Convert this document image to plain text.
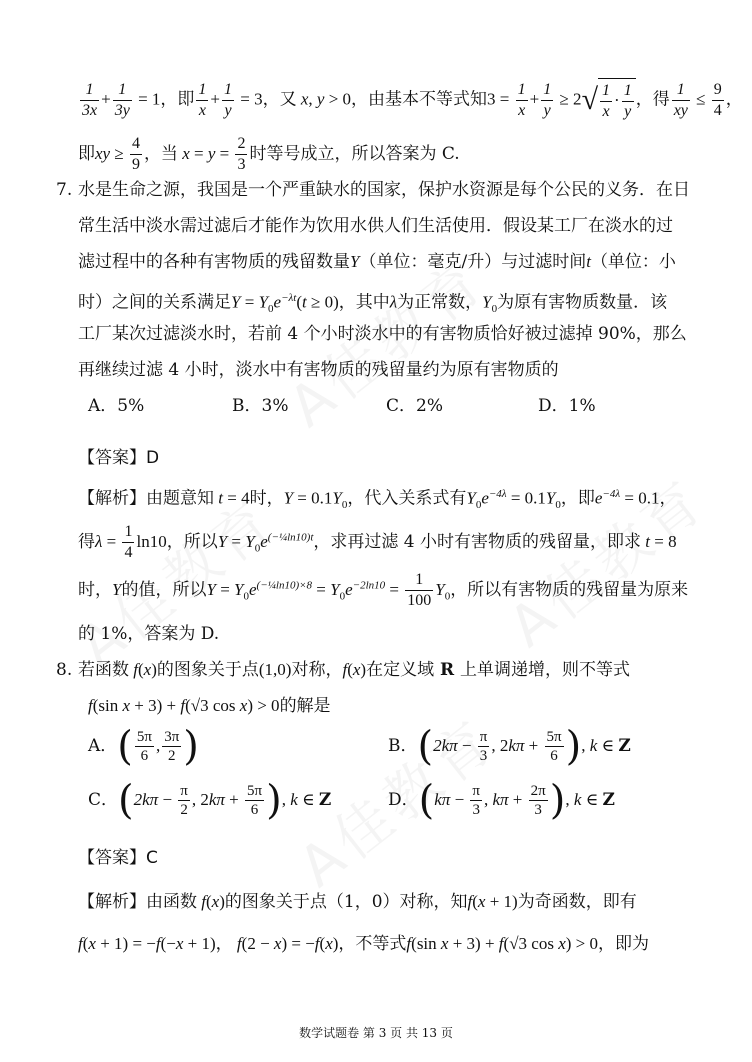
$\frac{1}{3x} + \frac{1}{3y} = 1$，即 $\frac{1}{x} + \frac{1}{y} = 3$，又 x, y > 0，由基本不等式知$3 = \frac{1}{x} + \frac{1}{y} \ge 2√ \frac{1}{x} \cdot \frac{1}{y}$ ，得 $\frac{1}{xy} \le \frac{9}{4}$ ，
即xy ≥ $\frac{4}{9}$ ，当 $x = y = \frac{2}{3}$ 时等号成立，所以答案为 C.
7. 水是生命之源，我国是一个严重缺水的国家，保护水资源是每个公民的义务．在日
常生活中淡水需过滤后才能作为饮用水供人们生活使用．假设某工厂在淡水的过
滤过程中的各种有害物质的残留数量Y（单位：毫克/升）与过滤时间t（单位：小
时）之间的关系满足$Y = Y_0e^{-\lambda t}(t \ge 0)$，其中λ为正常数，$Y_0$为原有害物质数量．该
工厂某次过滤淡水时，若前 4 个小时淡水中的有害物质恰好被过滤掉 90%，那么
再继续过滤 4 小时，淡水中有害物质的残留量约为原有害物质的
A．5%	B．3%	C．2%	D．1%
【答案】D
【解析】由题意知 t = 4时，$Y = 0.1Y_0$，代入关系式有$Y_0e^{-4\lambda} = 0.1Y_0$，即$e^{-4\lambda} = 0.1$，
得$\lambda = \frac{1}{4} \ln 10$，所以$Y = Y_0e^{(-\frac{1}{4}ln10)t}$，求再过滤 4 小时有害物质的残留量，即求 t = 8
时，Y的值，所以$Y = Y_0e^{(-\frac{1}{4}ln10)\times 8} = Y_0e^{-2ln10} = \frac{1}{100} Y_0$，所以有害物质的残留量为原来
的 1%，答案为 D.
8. 若函数 f(x)的图象关于点(1,0)对称，f(x)在定义域 R 上单调递增，则不等式
f(sin x + 3) + f(√3 cos x) > 0的解是
A．( $\frac{5\pi}{6}$ , $\frac{3\pi}{2}$ )	B．($2k\pi - \frac{\pi}{3}$ , $2k\pi + \frac{5\pi}{6}$ ), k ∈ Z
C．($2k\pi - \frac{\pi}{2}$ , $2k\pi + \frac{5\pi}{6}$ ), k ∈ Z	D．($k\pi - \frac{\pi}{3}$ , $k\pi + \frac{2\pi}{3}$ ), k ∈ Z
【答案】C
【解析】由函数 f(x)的图象关于点（1，0）对称，知f(x + 1)为奇函数，即有
f(x + 1) = −f(−x + 1)， f(2 − x) = −f(x)，不等式f(sin x + 3) + f(√3 cos x) > 0，即为
数学试题卷 第 3 页 共 13 页
